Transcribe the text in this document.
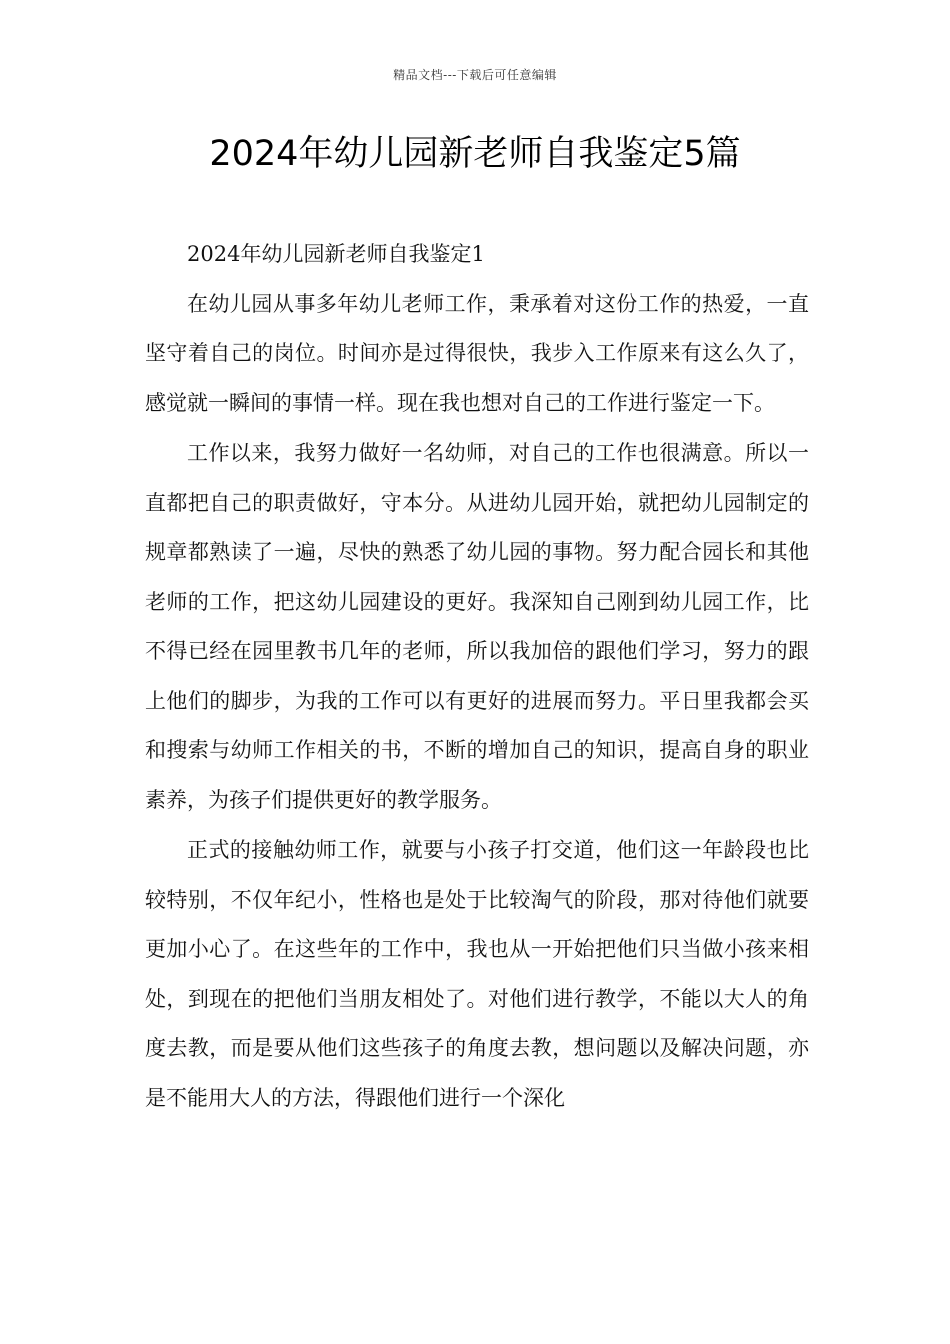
精品文档---下载后可任意编辑
2024年幼儿园新老师自我鉴定5篇

2024年幼儿园新老师自我鉴定1

在幼儿园从事多年幼儿老师工作，秉承着对这份工作的热爱，一直坚守着自己的岗位。时间亦是过得很快，我步入工作原来有这么久了，感觉就一瞬间的事情一样。现在我也想对自己的工作进行鉴定一下。

工作以来，我努力做好一名幼师，对自己的工作也很满意。所以一直都把自己的职责做好，守本分。从进幼儿园开始，就把幼儿园制定的规章都熟读了一遍，尽快的熟悉了幼儿园的事物。努力配合园长和其他老师的工作，把这幼儿园建设的更好。我深知自己刚到幼儿园工作，比不得已经在园里教书几年的老师，所以我加倍的跟他们学习，努力的跟上他们的脚步，为我的工作可以有更好的进展而努力。平日里我都会买和搜索与幼师工作相关的书，不断的增加自己的知识，提高自身的职业素养，为孩子们提供更好的教学服务。

正式的接触幼师工作，就要与小孩子打交道，他们这一年龄段也比较特别，不仅年纪小，性格也是处于比较淘气的阶段，那对待他们就要更加小心了。在这些年的工作中，我也从一开始把他们只当做小孩来相处，到现在的把他们当朋友相处了。对他们进行教学，不能以大人的角度去教，而是要从他们这些孩子的角度去教，想问题以及解决问题，亦是不能用大人的方法，得跟他们进行一个深化
